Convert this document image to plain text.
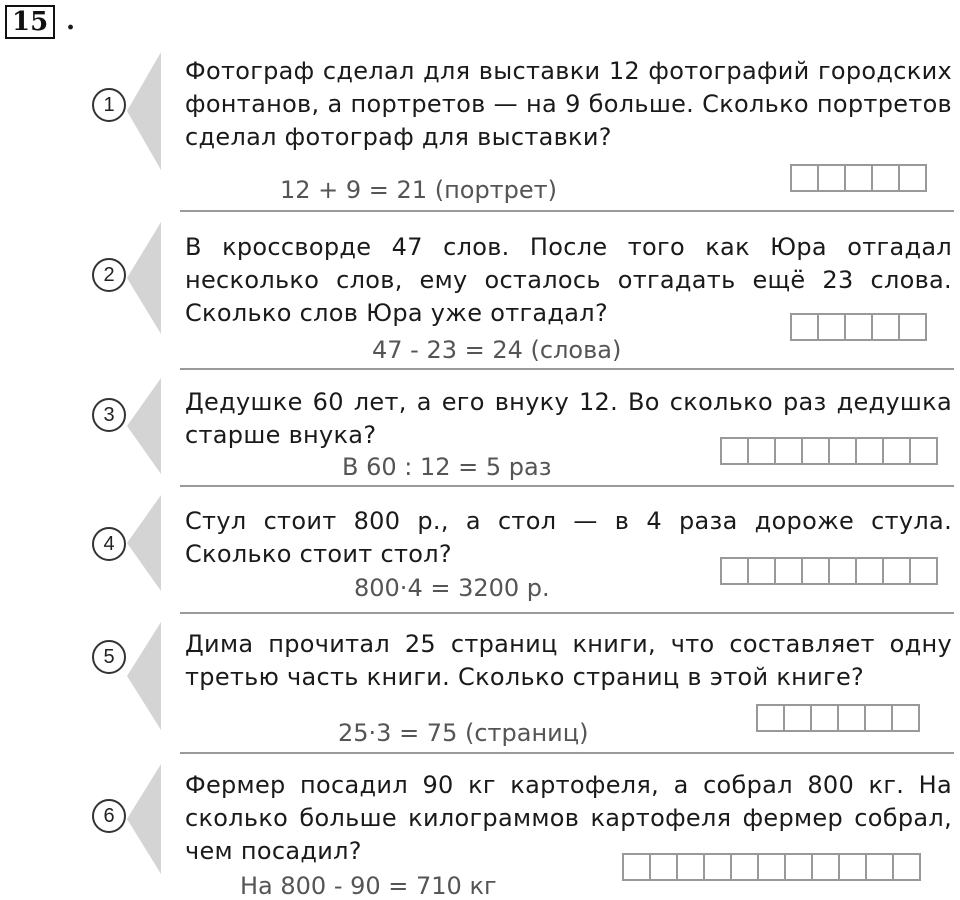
15 .
1
Фотограф сделал для выставки 12 фотографий городских фонтанов, а портретов — на 9 больше. Сколько портретов сделал фотограф для выставки?
12 + 9 = 21 (портрет)
2
В кроссворде 47 слов. После того как Юра отгадал несколько слов, ему осталось отгадать ещё 23 слова. Сколько слов Юра уже отгадал?
47 - 23 = 24 (слова)
3	Дедушке 60 лет, а его внуку 12. Во сколько раз дедушка старше внука?
В 60 : 12 = 5 раз
4
Стул стоит 800 р., а стол — в 4 раза дороже стула. Сколько стоит стол?
800·4 = 3200 р.
5	Дима прочитал 25 страниц книги, что составляет одну третью часть книги. Сколько страниц в этой книге?
25·3 = 75 (страниц)
6
Фермер посадил 90 кг картофеля, а собрал 800 кг. На сколько больше килограммов картофеля фермер собрал, чем посадил?
На 800 - 90 = 710 кг
